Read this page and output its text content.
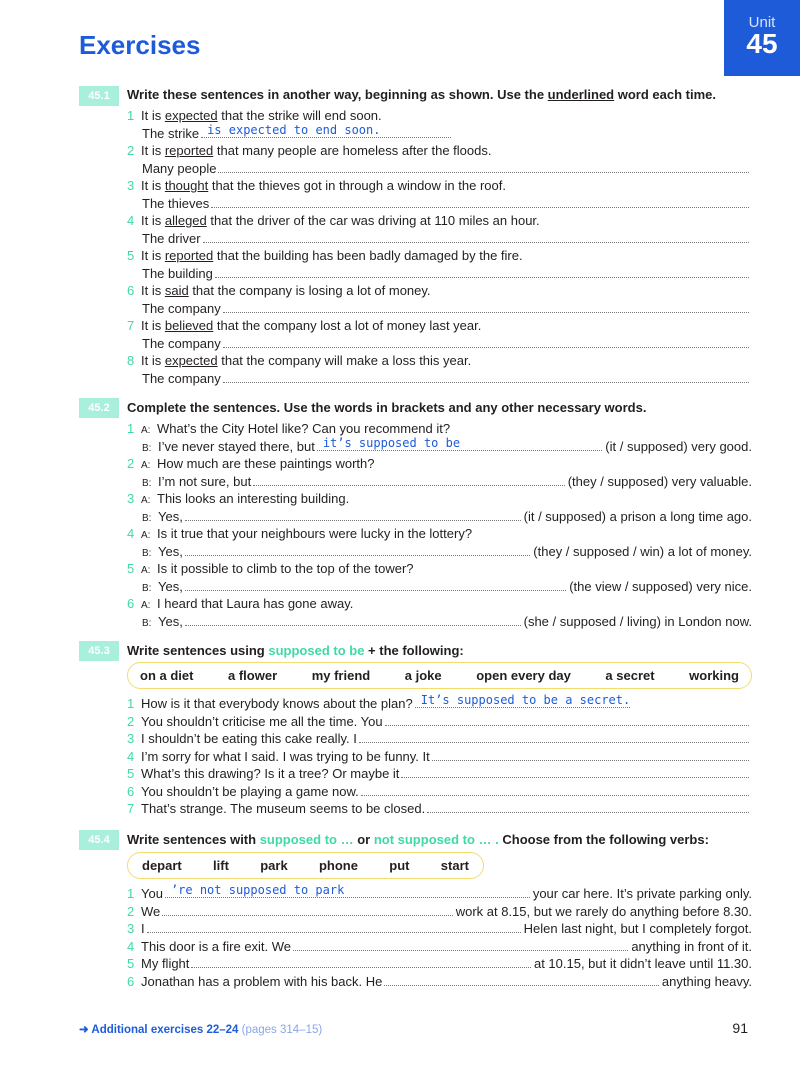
Unit
45
Exercises
45.1	Write these sentences in another way, beginning as shown. Use the underlined word each time.
1 It is expected that the strike will end soon.
The strike is expected to end soon.
2 It is reported that many people are homeless after the floods.
Many people
3 It is thought that the thieves got in through a window in the roof.
The thieves
4 It is alleged that the driver of the car was driving at 110 miles an hour.
The driver
5 It is reported that the building has been badly damaged by the fire.
The building
6 It is said that the company is losing a lot of money.
The company
7 It is believed that the company lost a lot of money last year.
The company
8 It is expected that the company will make a loss this year.
The company
45.2	Complete the sentences. Use the words in brackets and any other necessary words.
1 A: What’s the City Hotel like? Can you recommend it?
B: I’ve never stayed there, but it’s supposed to be	(it / supposed) very good.
2 A: How much are these paintings worth?
B: I’m not sure, but	(they / supposed) very valuable.
3 A: This looks an interesting building.
B: Yes,	(it / supposed) a prison a long time ago.
4 A: Is it true that your neighbours were lucky in the lottery?
B: Yes,	(they / supposed / win) a lot of money.
5 A: Is it possible to climb to the top of the tower?
B: Yes,	(the view / supposed) very nice.
6 A: I heard that Laura has gone away.
B: Yes,	(she / supposed / living) in London now.
45.3	Write sentences using supposed to be + the following:
on a diet	a flower	my friend	a joke	open every day	a secret	working
1 How is it that everybody knows about the plan? It’s supposed to be a secret.
2 You shouldn’t criticise me all the time. You
3 I shouldn’t be eating this cake really. I
4 I’m sorry for what I said. I was trying to be funny. It
5 What’s this drawing? Is it a tree? Or maybe it
6 You shouldn’t be playing a game now.
7 That’s strange. The museum seems to be closed.
45.4	Write sentences with supposed to … or not supposed to … . Choose from the following verbs:
depart	lift	park	phone	put	start
1 You ’re not supposed to park	your car here. It’s private parking only.
2 We	work at 8.15, but we rarely do anything before 8.30.
3 I	Helen last night, but I completely forgot.
4 This door is a fire exit. We	anything in front of it.
5 My flight	at 10.15, but it didn’t leave until 11.30.
6 Jonathan has a problem with his back. He	anything heavy.
➜ Additional exercises 22–24 (pages 314–15)	91
